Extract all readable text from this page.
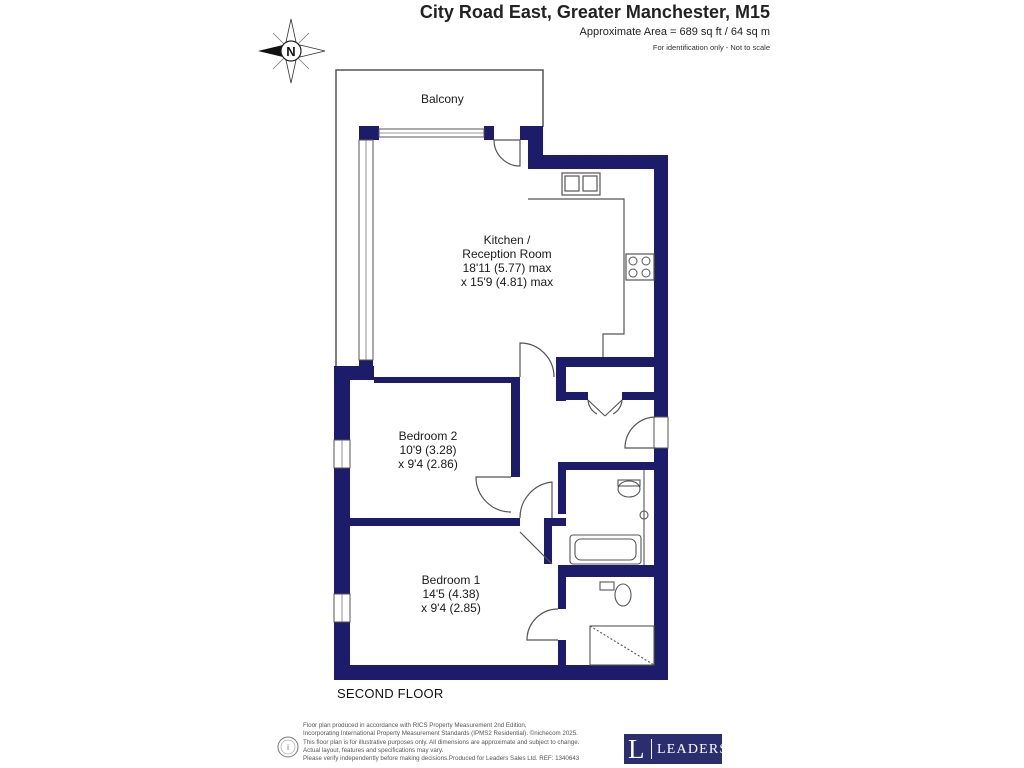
City Road East, Greater Manchester, M15
Approximate Area = 689 sq ft / 64 sq m
For identification only - Not to scale
N
Balcony
Kitchen /
Reception Room
18'11 (5.77) max
x 15'9 (4.81) max
Bedroom 2
10'9 (3.28)
x 9'4 (2.86)
Bedroom 1
14'5 (4.38)
x 9'4 (2.85)
SECOND FLOOR
i
Floor plan produced in accordance with RICS Property Measurement 2nd Edition,
Incorporating International Property Measurement Standards (IPMS2 Residential). ©nichecom 2025.
This floor plan is for illustrative purposes only. All dimensions are approximate and subject to change.
Actual layout, features and specifications may vary.
Please verify independently before making decisions.Produced for Leaders Sales Ltd. REF: 1340643	L LEADERS
